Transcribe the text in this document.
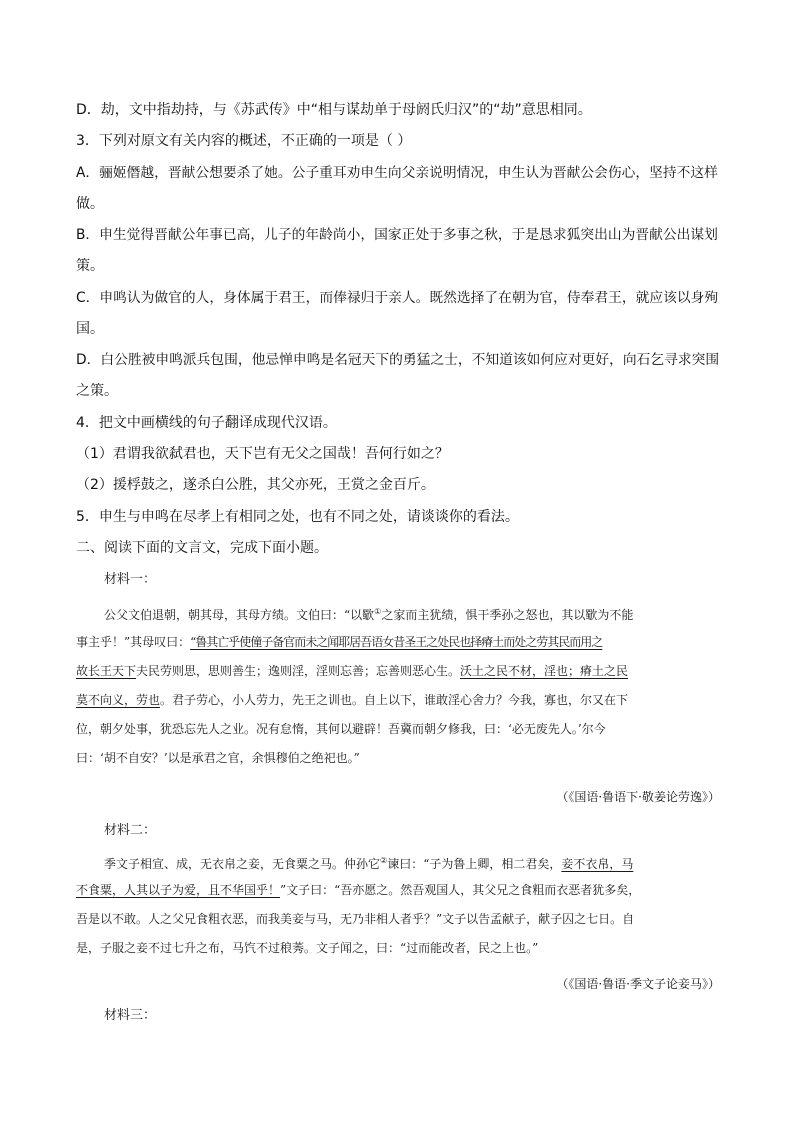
D．劫，文中指劫持，与《苏武传》中“相与谋劫单于母阏氏归汉”的“劫”意思相同。
3．下列对原文有关内容的概述，不正确的一项是（ ）
A．骊姬僭越，晋献公想要杀了她。公子重耳劝申生向父亲说明情况，申生认为晋献公会伤心，坚持不这样
做。
B．申生觉得晋献公年事已高，儿子的年龄尚小，国家正处于多事之秋，于是恳求狐突出山为晋献公出谋划
策。
C．申鸣认为做官的人，身体属于君王，而俸禄归于亲人。既然选择了在朝为官，侍奉君王，就应该以身殉
国。
D．白公胜被申鸣派兵包围，他忌惮申鸣是名冠天下的勇猛之士，不知道该如何应对更好，向石乞寻求突围
之策。
4．把文中画横线的句子翻译成现代汉语。
（1）君谓我欲弑君也，天下岂有无父之国哉！吾何行如之？
（2）援桴鼓之，遂杀白公胜，其父亦死，王赏之金百斤。
5．申生与申鸣在尽孝上有相同之处，也有不同之处，请谈谈你的看法。
二、阅读下面的文言文，完成下面小题。
材料一：
公父文伯退朝，朝其母，其母方绩。文伯曰：“以歜①之家而主犹绩，惧干季孙之怒也，其以歜为不能
事主乎！”其母叹曰：“鲁其亡乎使僮子备官而未之闻耶居吾语女昔圣王之处民也择瘠土而处之劳其民而用之
故长王天下夫民劳则思，思则善生；逸则淫，淫则忘善；忘善则恶心生。沃土之民不材，淫也；瘠土之民
莫不向义，劳也。君子劳心，小人劳力，先王之训也。自上以下，谁敢淫心舍力？今我，寡也，尔又在下
位，朝夕处事，犹恐忘先人之业。况有怠惰，其何以避辟！吾冀而朝夕修我，曰：‘必无废先人。’尔今
曰：‘胡不自安？’以是承君之官，余惧穆伯之绝祀也。”
（《国语·鲁语下·敬姜论劳逸》）
材料二：
季文子相宣、成，无衣帛之妾，无食粟之马。仲孙它②谏曰：“子为鲁上卿，相二君矣，妾不衣帛，马
不食粟，人其以子为爱，且不华国乎！”文子曰：“吾亦愿之。然吾观国人，其父兄之食粗而衣恶者犹多矣，
吾是以不敢。人之父兄食粗衣恶，而我美妾与马，无乃非相人者乎？”文子以告孟献子，献子囚之七日。自
是，子服之妾不过七升之布，马饩不过稂莠。文子闻之，曰：“过而能改者，民之上也。”
（《国语·鲁语·季文子论妾马》）
材料三：
